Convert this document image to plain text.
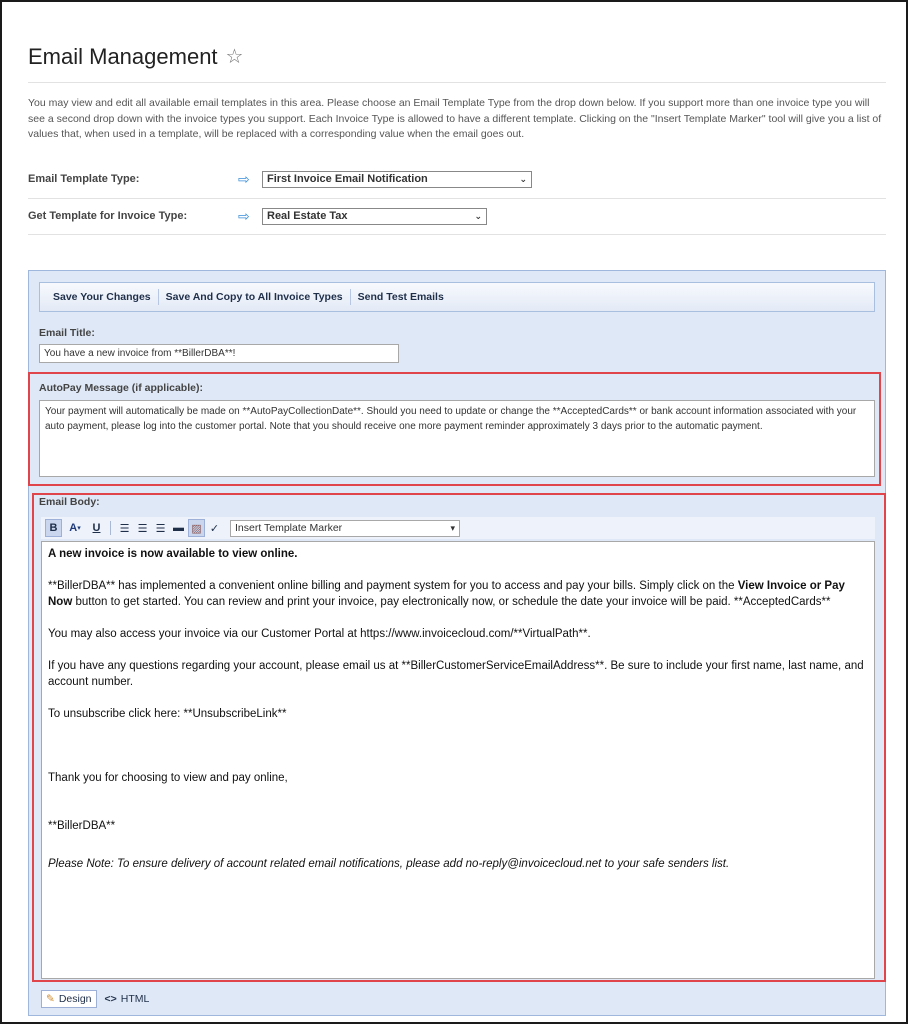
Email Management ☆
You may view and edit all available email templates in this area. Please choose an Email Template Type from the drop down below. If you support more than one invoice type you will see a second drop down with the invoice types you support. Each Invoice Type is allowed to have a different template. Clicking on the "Insert Template Marker" tool will give you a list of values that, when used in a template, will be replaced with a corresponding value when the email goes out.
Email Template Type:	⇨	First Invoice Email Notification	⌄
Get Template for Invoice Type:	⇨	Real Estate Tax	⌄
Save Your Changes	Save And Copy to All Invoice Types	Send Test Emails
Email Title:
You have a new invoice from **BillerDBA**!
AutoPay Message (if applicable):
Your payment will automatically be made on **AutoPayCollectionDate**. Should you need to update or change the **AcceptedCards** or bank account information associated with your auto payment, please log into the customer portal. Note that you should receive one more payment reminder approximately 3 days prior to the automatic payment.
Email Body:
B	A ▾	U	☰ ☰ ☰ ▬ ▨ ✓	Insert Template Marker	▾

A new invoice is now available to view online.

**BillerDBA** has implemented a convenient online billing and payment system for you to access and pay your bills. Simply click on the View Invoice or Pay Now button to get started. You can review and print your invoice, pay electronically now, or schedule the date your invoice will be paid. **AcceptedCards**

You may also access your invoice via our Customer Portal at https://www.invoicecloud.com/**VirtualPath**.

If you have any questions regarding your account, please email us at **BillerCustomerServiceEmailAddress**. Be sure to include your first name, last name, and account number.

To unsubscribe click here: **UnsubscribeLink**

Thank you for choosing to view and pay online,

**BillerDBA**

Please Note: To ensure delivery of account related email notifications, please add no-reply@invoicecloud.net to your safe senders list.

✎ Design <> HTML
